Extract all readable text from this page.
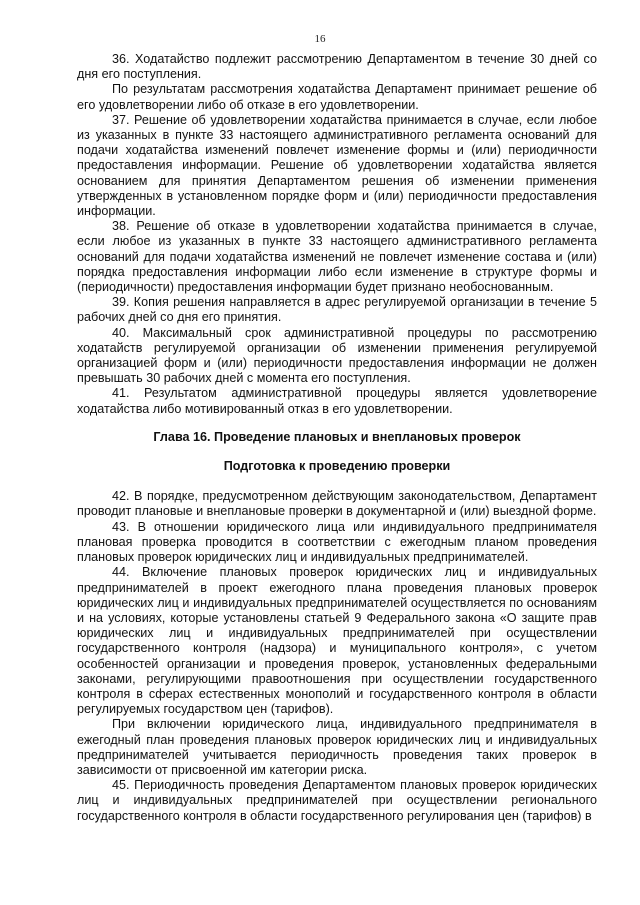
16

36. Ходатайство подлежит рассмотрению Департаментом в течение 30 дней со дня его поступления.

По результатам рассмотрения ходатайства Департамент принимает решение об его удовлетворении либо об отказе в его удовлетворении.

37. Решение об удовлетворении ходатайства принимается в случае, если любое из указанных в пункте 33 настоящего административного регламента оснований для подачи ходатайства изменений повлечет изменение формы и (или) периодичности предоставления информации. Решение об удовлетворении ходатайства является основанием для принятия Департаментом решения об изменении применения утвержденных в установленном порядке форм и (или) периодичности предоставления информации.

38. Решение об отказе в удовлетворении ходатайства принимается в случае, если любое из указанных в пункте 33 настоящего административного регламента оснований для подачи ходатайства изменений не повлечет изменение состава и (или) порядка предоставления информации либо если изменение в структуре формы и (периодичности) предоставления информации будет признано необоснованным.

39. Копия решения направляется в адрес регулируемой организации в течение 5 рабочих дней со дня его принятия.

40. Максимальный срок административной процедуры по рассмотрению ходатайств регулируемой организации об изменении применения регулируемой организацией форм и (или) периодичности предоставления информации не должен превышать 30 рабочих дней с момента его поступления.

41. Результатом административной процедуры является удовлетворение ходатайства либо мотивированный отказ в его удовлетворении.

Глава 16. Проведение плановых и внеплановых проверок

Подготовка к проведению проверки

42. В порядке, предусмотренном действующим законодательством, Департамент проводит плановые и внеплановые проверки в документарной и (или) выездной форме.

43. В отношении юридического лица или индивидуального предпринимателя плановая проверка проводится в соответствии с ежегодным планом проведения плановых проверок юридических лиц и индивидуальных предпринимателей.

44. Включение плановых проверок юридических лиц и индивидуальных предпринимателей в проект ежегодного плана проведения плановых проверок юридических лиц и индивидуальных предпринимателей осуществляется по основаниям и на условиях, которые установлены статьей 9 Федерального закона «О защите прав юридических лиц и индивидуальных предпринимателей при осуществлении государственного контроля (надзора) и муниципального контроля», с учетом особенностей организации и проведения проверок, установленных федеральными законами, регулирующими правоотношения при осуществлении государственного контроля в сферах естественных монополий и государственного контроля в области регулируемых государством цен (тарифов).

При включении юридического лица, индивидуального предпринимателя в ежегодный план проведения плановых проверок юридических лиц и индивидуальных предпринимателей учитывается периодичность проведения таких проверок в зависимости от присвоенной им категории риска.

45. Периодичность проведения Департаментом плановых проверок юридических лиц и индивидуальных предпринимателей при осуществлении регионального государственного контроля в области государственного регулирования цен (тарифов) в
